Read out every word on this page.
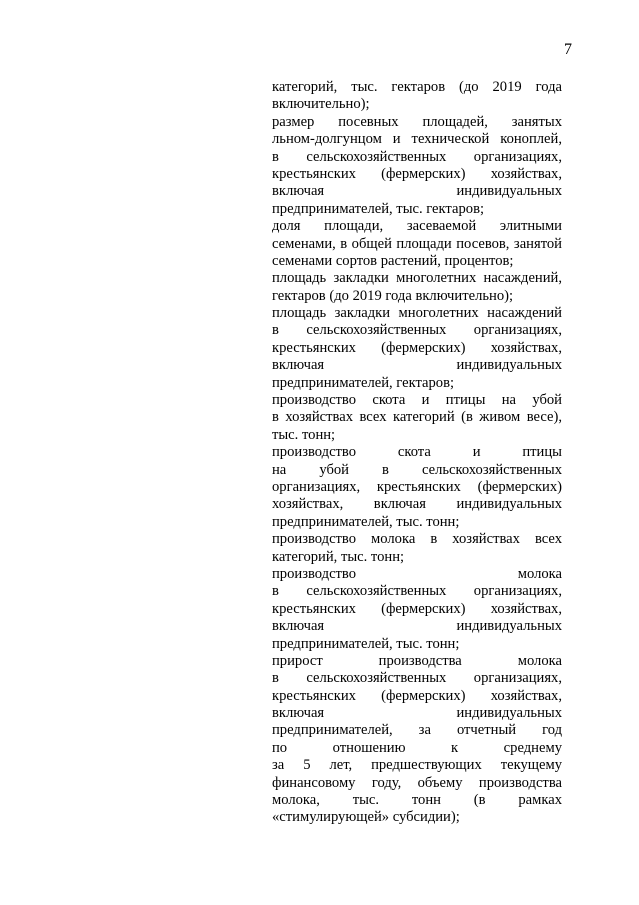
7
категорий, тыс. гектаров (до 2019 года
включительно);
размер посевных площадей, занятых
льном-долгунцом и технической коноплей,
в сельскохозяйственных организациях,
крестьянских (фермерских) хозяйствах,
включая индивидуальных
предпринимателей, тыс. гектаров;
доля площади, засеваемой элитными
семенами, в общей площади посевов, занятой
семенами сортов растений, процентов;
площадь закладки многолетних насаждений,
гектаров (до 2019 года включительно);
площадь закладки многолетних насаждений
в сельскохозяйственных организациях,
крестьянских (фермерских) хозяйствах,
включая индивидуальных
предпринимателей, гектаров;
производство скота и птицы на убой
в хозяйствах всех категорий (в живом весе),
тыс. тонн;
производство скота и птицы
на убой в сельскохозяйственных
организациях, крестьянских (фермерских)
хозяйствах, включая индивидуальных
предпринимателей, тыс. тонн;
производство молока в хозяйствах всех
категорий, тыс. тонн;
производство молока
в сельскохозяйственных организациях,
крестьянских (фермерских) хозяйствах,
включая индивидуальных
предпринимателей, тыс. тонн;
прирост производства молока
в сельскохозяйственных организациях,
крестьянских (фермерских) хозяйствах,
включая индивидуальных
предпринимателей, за отчетный год
по отношению к среднему
за 5 лет, предшествующих текущему
финансовому году, объему производства
молока, тыс. тонн (в рамках
«стимулирующей» субсидии);
